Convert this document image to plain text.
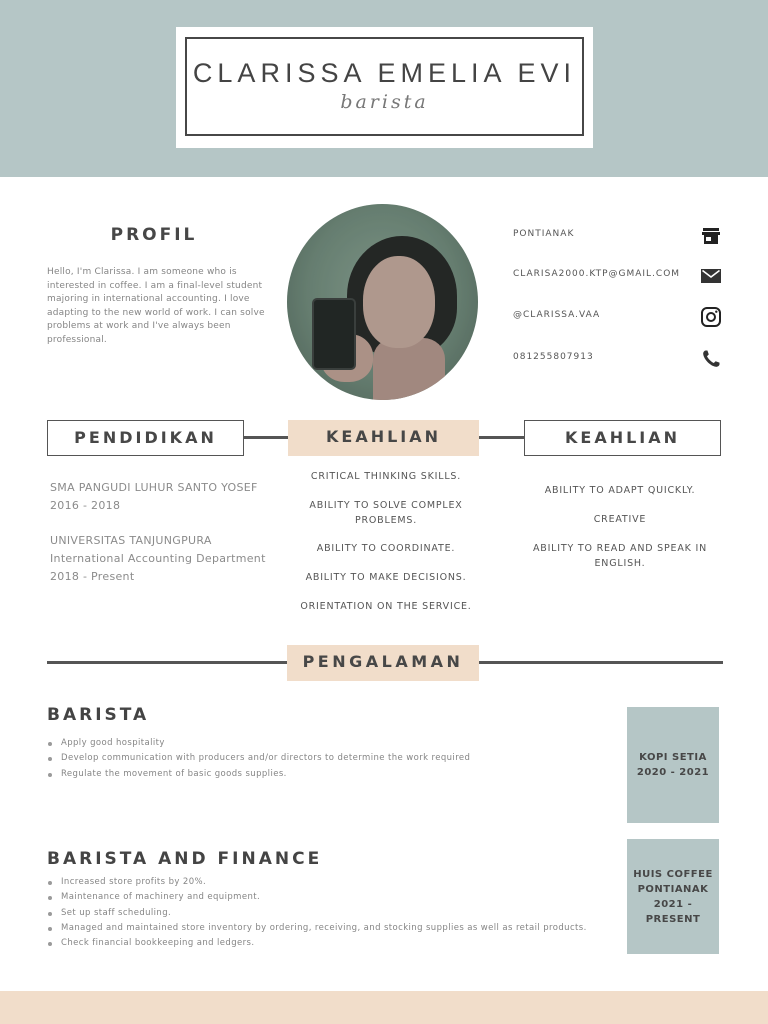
CLARISSA EMELIA EVI
barista
PROFIL
Hello, I'm Clarissa. I am someone who is interested in coffee. I am a final-level student majoring in international accounting. I love adapting to the new world of work. I can solve problems at work and I've always been professional.
PONTIANAK
CLARISA2000.KTP@GMAIL.COM
@CLARISSA.VAA
081255807913
PENDIDIKAN	KEAHLIAN	KEAHLIAN
SMA PANGUDI LUHUR SANTO YOSEF
2016 - 2018
UNIVERSITAS TANJUNGPURA
International Accounting Department
2018 - Present
CRITICAL THINKING SKILLS.
ABILITY TO SOLVE COMPLEX PROBLEMS.
ABILITY TO COORDINATE.
ABILITY TO MAKE DECISIONS.
ORIENTATION ON THE SERVICE.
ABILITY TO ADAPT QUICKLY.
CREATIVE
ABILITY TO READ AND SPEAK IN ENGLISH.
PENGALAMAN
BARISTA
Apply good hospitality
Develop communication with producers and/or directors to determine the work required
Regulate the movement of basic goods supplies.
KOPI SETIA
2020 - 2021
BARISTA AND FINANCE
Increased store profits by 20%.
Maintenance of machinery and equipment.
Set up staff scheduling.
Managed and maintained store inventory by ordering, receiving, and stocking supplies as well as retail products.
Check financial bookkeeping and ledgers.
HUIS COFFEE
PONTIANAK
2021 - PRESENT
